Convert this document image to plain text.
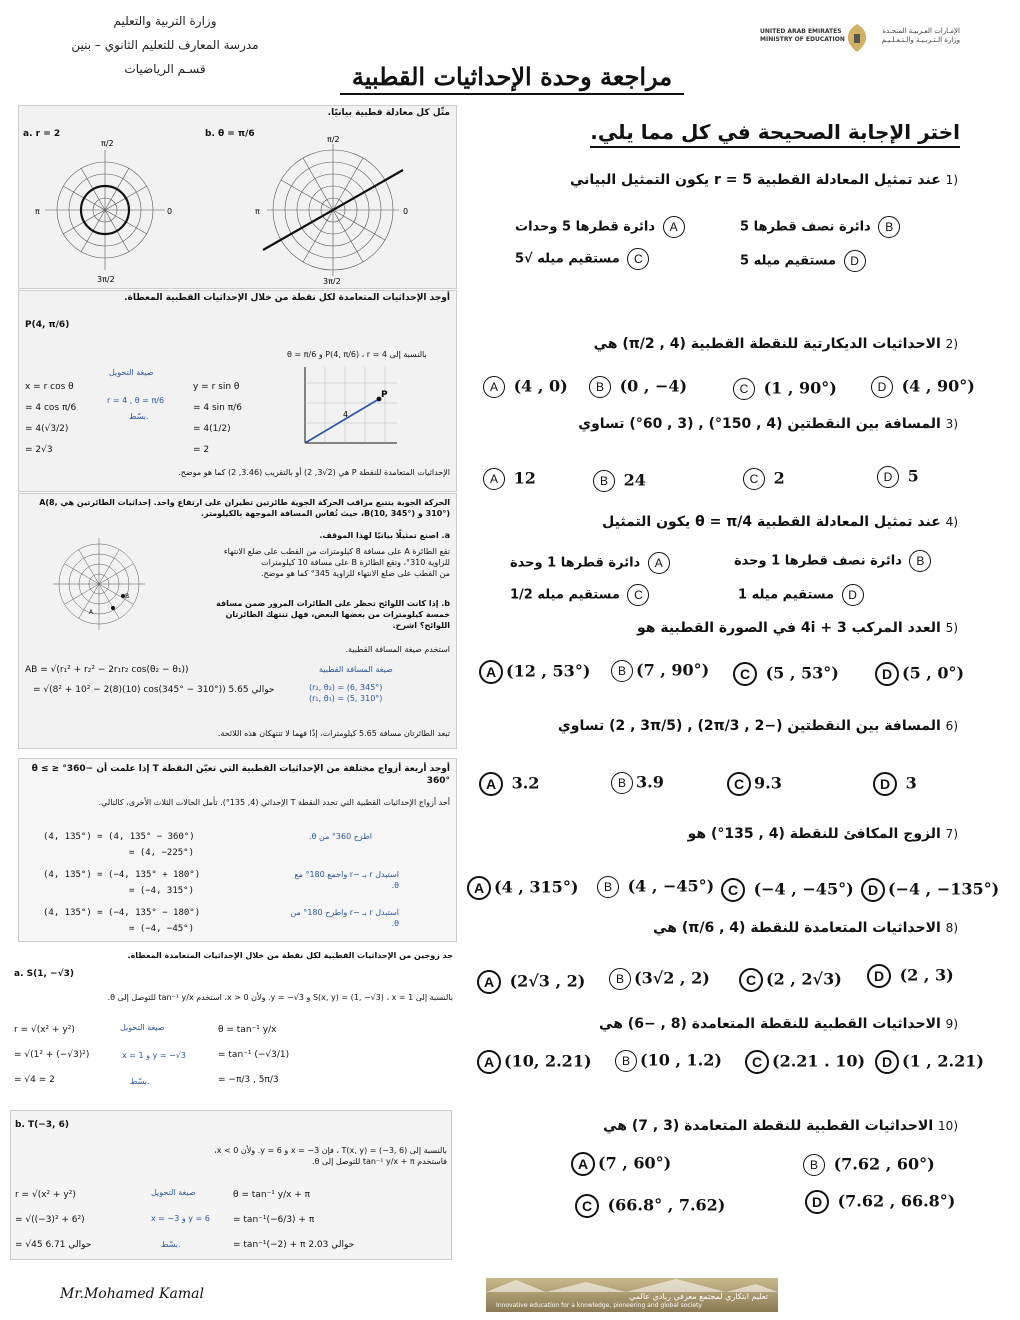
وزارة التربية والتعليم
مدرسة المعارف للتعليم الثانوي – بنين
قسـم الرياضيات
UNITED ARAB EMIRATES
MINISTRY OF EDUCATION
الإمـارات العـربيـة المتحـدة
وزارة الـتـربـيـة والـتـعـلـيـم
مراجعة وحدة الإحداثيات القطبية
مثّل كل معادلة قطبية بيانيًا.
a. r = 2	b. θ = π/6
π/2
π	0
3π/2
π/2
π	0
3π/2
أوجد الإحداثيات المتعامدة لكل نقطة من خلال الإحداثيات القطبية المعطاة.
P(4, π/6)
بالنسبة إلى P(4, π/6) ، r = 4 و θ = π/6
صيغة التحويل
x = r cos θ
= 4 cos π/6
= 4(√3/2)
= 2√3
r = 4 , θ = π/6
بسّط.
y = r sin θ
= 4 sin π/6
= 4(1/2)
= 2
P
4
الإحداثيات المتعامدة للنقطة P هي (2√3, 2) أو بالتقريب (3.46, 2) كما هو موضح.
الحركة الجوية يتتبع مراقب الحركة الجوية طائرتين تطيران على ارتفاع واحد. إحداثيات الطائرتين هي A(8, 310°) و B(10, 345°)، حيث تُقاس المسافة الموجهة بالكيلومتر.
a. اصنع تمثيلًا بيانيًا لهذا الموقف.
B
A
تقع الطائرة A على مسافة 8 كيلومترات من القطب على ضلع الانتهاء
للزاوية 310°، وتقع الطائرة B على مسافة 10 كيلومترات
من القطب على ضلع الانتهاء للزاوية 345° كما هو موضح.
b. إذا كانت اللوائح تحظر على الطائرات المرور ضمن مسافة خمسة كيلومترات من بعضها البعض، فهل تنتهك الطائرتان اللوائح؟ اشرح.
استخدم صيغة المسافة القطبية.
AB = √(r₁² + r₂² − 2r₁r₂ cos(θ₂ − θ₁))
= √(8² + 10² − 2(8)(10) cos(345° − 310°)) حوالي 5.65
صيغة المسافة القطبية
(r₂, θ₂) = (6, 345°)
(r₁, θ₁) = (5, 310°)
تبعد الطائرتان مسافة 5.65 كيلومترات، إذًا فهما لا تنتهكان هذه اللائحة.
أوجد أربعة أزواج مختلفة من الإحداثيات القطبية التي تعيّن النقطة T إذا علمت أن −360° ≤ θ ≤ 360°
أحد أزواج الإحداثيات القطبية التي تحدد النقطة T الإحداثي (4, 135°). تأمل الحالات الثلاث الأخرى، كالتالي.
(4, 135°) = (4, 135° − 360°)
= (4, −225°)
اطرح 360° من θ.
(4, 135°) = (−4, 135° + 180°)
= (−4, 315°)
استبدل r بـ −r واجمع 180° مع θ.
(4, 135°) = (−4, 135° − 180°)
= (−4, −45°)
استبدل r بـ −r واطرح 180° من θ.
جد زوجين من الإحداثيات القطبية لكل نقطة من خلال الإحداثيات المتعامدة المعطاة.
a. S(1, −√3)
بالنسبة إلى S(x, y) = (1, −√3) ، x = 1 و y = −√3. ولأن x > 0، استخدم tan⁻¹ y/x للتوصل إلى θ.
صيغة التحويل
r = √(x² + y²)
= √(1² + (−√3)²)
= √4 = 2
x = 1 و y = −√3
بسّط.
θ = tan⁻¹ y/x
= tan⁻¹ (−√3/1)
= −π/3 , 5π/3
b. T(−3, 6)
بالنسبة إلى T(x, y) = (−3, 6) ، فإن x = −3 و y = 6. ولأن x < 0، فاستخدم tan⁻¹ y/x + π للتوصل إلى θ.
صيغة التحويل
r = √(x² + y²)
= √((−3)² + 6²)
= √45 حوالي 6.71
x = −3 و y = 6
بسّط.
θ = tan⁻¹ y/x + π
= tan⁻¹(−6/3) + π
= tan⁻¹(−2) + π حوالي 2.03
اختر الإجابة الصحيحة في كل مما يلي.
(1 عند تمثيل المعادلة القطبية r = 5 يكون التمثيل البياني
A دائرة قطرها 5 وحدات	B دائرة نصف قطرها 5
C مستقيم ميله √5	D مستقيم ميله 5
(2 الاحداثيات الديكارتية للنقطة القطبية (4 , π/2) هي
A (4 , 0)	B (0 , −4)	C (1 , 90°)	D (4 , 90°)
(3 المسافة بين النقطتين (4 , 150°) , (3 , 60°) تساوي
A 12	B 24	C 2	D 5
(4 عند تمثيل المعادلة القطبية θ = π/4 يكون التمثيل
A دائرة قطرها 1 وحدة	B دائرة نصف قطرها 1 وحدة
C مستقيم ميله 1/2	D مستقيم ميله 1
(5 العدد المركب 3 + 4i في الصورة القطبية هو
A (12 , 53°)	B (7 , 90°)	C (5 , 53°)	D (5 , 0°)
(6 المسافة بين النقطتين (−2 , 2π/3) , (2 , 3π/5) تساوي
A 3.2	B 3.9	C 9.3	D 3
(7 الزوج المكافئ للنقطة (4 , 135°) هو
A (4 , 315°)	B (4 , −45°) C (−4 , −45°)	D (−4 , −135°)
(8 الاحداثيات المتعامدة للنقطة (4 , π/6) هي
A (2√3 , 2)	B (3√2 , 2)	C (2 , 2√3)	D (2 , 3)
(9 الاحداثيات القطبية للنقطة المتعامدة (8 , −6) هي
A (10, 2.21)	B (10 , 1.2)	C (2.21 . 10)	D (1 , 2.21)
(10 الاحداثيات القطبية للنقطة المتعامدة (3 , 7) هي
A (7 , 60°)	B (7.62 , 60°)
C (66.8° , 7.62)	D (7.62 , 66.8°)
Mr.Mohamed Kamal	تعليم ابتكاري لمجتمع معرفي ريادي عالمي
Innovative education for a knowledge, pioneering and global society
